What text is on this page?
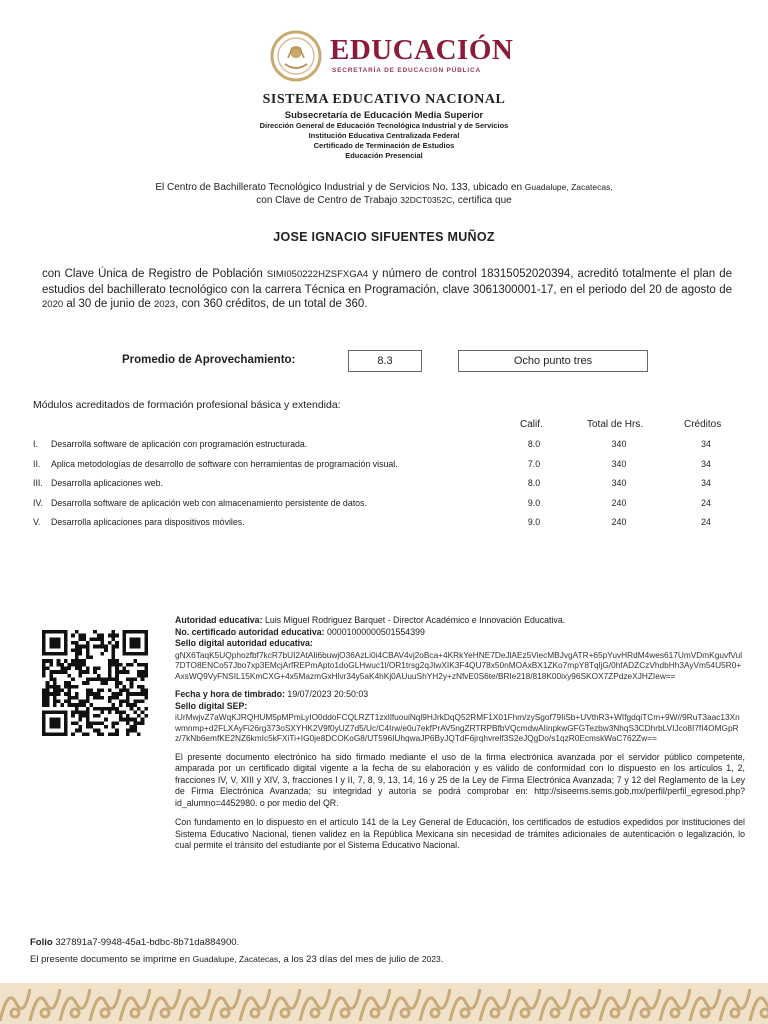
EDUCACIÓN
SECRETARÍA DE EDUCACIÓN PÚBLICA
SISTEMA EDUCATIVO NACIONAL
Subsecretaría de Educación Media Superior
Dirección General de Educación Tecnológica Industrial y de Servicios
Institución Educativa Centralizada Federal
Certificado de Terminación de Estudios
Educación Presencial
El Centro de Bachillerato Tecnológico Industrial y de Servicios No. 133, ubicado en Guadalupe, Zacatecas,
con Clave de Centro de Trabajo 32DCT0352C, certifica que
JOSE IGNACIO SIFUENTES MUÑOZ
con Clave Única de Registro de Población SIMI050222HZSFXGA4 y número de control 18315052020394, acreditó totalmente el plan de estudios del bachillerato tecnológico con la carrera Técnica en Programación, clave 3061300001-17, en el periodo del 20 de agosto de 2020 al 30 de junio de 2023, con 360 créditos, de un total de 360.
Promedio de Aprovechamiento:	8.3	Ocho punto tres
Módulos acreditados de formación profesional básica y extendida:
Calif.	Total de Hrs.	Créditos
I. Desarrolla software de aplicación con programación estructurada.	8.0	340	34
II. Aplica metodologías de desarrollo de software con herramientas de programación visual.	7.0	340	34
III. Desarrolla aplicaciones web.	8.0	340	34
IV. Desarrolla software de aplicación web con almacenamiento persistente de datos.	9.0	240	24
V. Desarrolla aplicaciones para dispositivos móviles.	9.0	240	24
Autoridad educativa: Luis Miguel Rodriguez Barquet - Director Académico e Innovación Educativa.
No. certificado autoridad educativa: 00001000000501554399
Sello digital autoridad educativa:
gNX6TaqK5UQphozfbf7kcR7bUI2AtAIi6buwjO36AzLi0i4CBAV4vj2oBca+4KRkYeHNE7DeJlAEz5ViecMBJvgATR+65pYuvHRdM4wes617UmVDmKguvfVul7DTO8ENCo57Jbo7xp3EMcjArfREPmApto1doGLHwuc1l/OR1trsg2qJIwXIK3F4QU78x50nMOAxBX1ZKo7mpY8TqljG/0hfADZCzVhdbHh3AyVm54U5R0+AxsWQ9VyFNSIL15KmCXG+4x5MazmGxHlvr34y5aK4hKj0AUuuShYH2y+zNfvE0S6te/BRIe218/818K00ixy96SKOX7ZPdzeXJHZIew==
Fecha y hora de timbrado: 19/07/2023 20:50:03
Sello digital SEP:
iUrMwjvZ7aWqKJRQHUM5pMPmLyIO0ddoFCQLRZT1zxIlfuouiNql9HJrkDqQ52RMF1X01Fhm/zySgof79IiSb+UVthR3+WIfgdqiTCm+9W//9RuT3aac13Xnwmnmp+d2FLXAyFi26rg373oSXYHK2V9f0yUZ7d5/Uc/C4Irw/e0u7ekfPrAV5ngZRTRPBfbVQcmdwAIinpkwGFGTezbw3NhqS3CDhrbLVIJco8I7fI4OMGpRz/7kNb6emfKE2NZ6kmIc5kFXiTi+IG0je8DCOKoG8/UT596IUhqwaJP6ByJQTdF6jrqhvrelf3S2eJQgDo/s1qzR0EcmskWaC762Zw==
El presente documento electrónico ha sido firmado mediante el uso de la firma electrónica avanzada por el servidor público competente, amparada por un certificado digital vigente a la fecha de su elaboración y es válido de conformidad con lo dispuesto en los artículos 1, 2, fracciones IV, V, XIII y XIV, 3, fracciones I y II, 7, 8, 9, 13, 14, 16 y 25 de la Ley de Firma Electrónica Avanzada; 7 y 12 del Reglamento de la Ley de Firma Electrónica Avanzada; su integridad y autoría se podrá comprobar en: http://siseems.sems.gob.mx/perfil/perfil_egresod.php?id_alumno=4452980. o por medio del QR.
Con fundamento en lo dispuesto en el artículo 141 de la Ley General de Educación, los certificados de estudios expedidos por instituciones del Sistema Educativo Nacional, tienen validez en la República Mexicana sin necesidad de trámites adicionales de autenticación o legalización, lo cual permite el tránsito del estudiante por el Sistema Educativo Nacional.
Folio 327891a7-9948-45a1-bdbc-8b71da884900.
El presente documento se imprime en Guadalupe, Zacatecas, a los 23 días del mes de julio de 2023.
